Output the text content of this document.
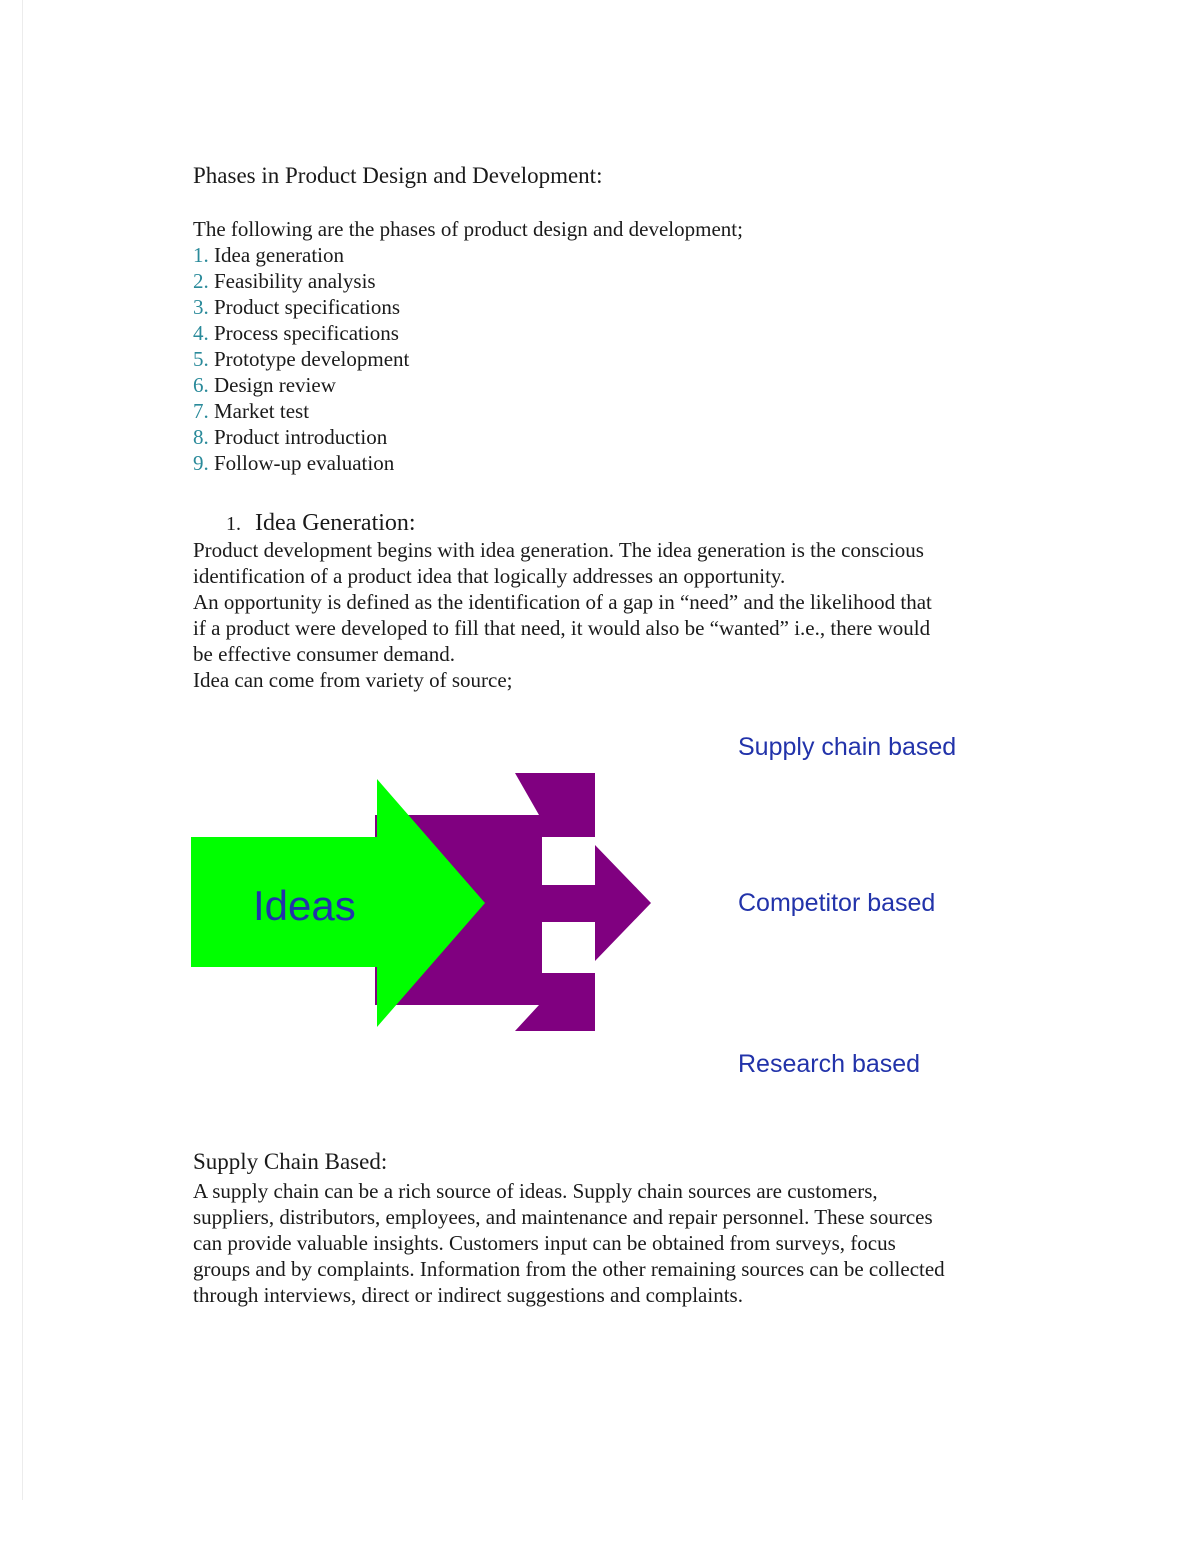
Phases in Product Design and Development:
The following are the phases of product design and development;
1. Idea generation
2. Feasibility analysis
3. Product specifications
4. Process specifications
5. Prototype development
6. Design review
7. Market test
8. Product introduction
9. Follow-up evaluation
1. Idea Generation:

Product development begins with idea generation. The idea generation is the conscious
identification of a product idea that logically addresses an opportunity.
An opportunity is defined as the identification of a gap in “need” and the likelihood that
if a product were developed to fill that need, it would also be “wanted” i.e., there would
be effective consumer demand.
Idea can come from variety of source;

Ideas
Supply chain based
Competitor based
Research based
Supply Chain Based:

A supply chain can be a rich source of ideas. Supply chain sources are customers,
suppliers, distributors, employees, and maintenance and repair personnel. These sources
can provide valuable insights. Customers input can be obtained from surveys, focus
groups and by complaints. Information from the other remaining sources can be collected
through interviews, direct or indirect suggestions and complaints.
